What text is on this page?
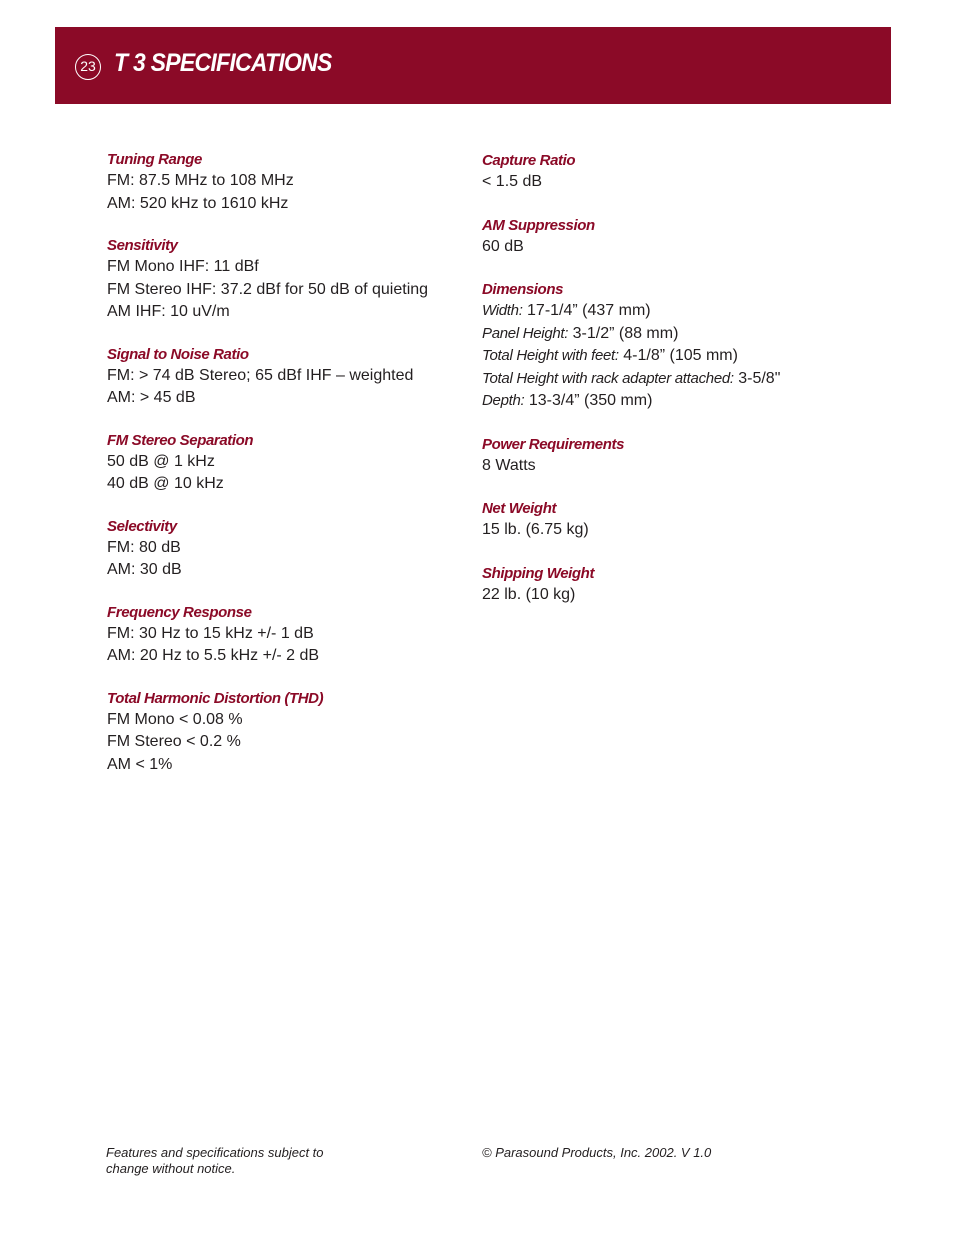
23 T 3 SPECIFICATIONS
Tuning Range
FM: 87.5 MHz to 108 MHz
AM: 520 kHz to 1610 kHz
Sensitivity
FM Mono IHF: 11 dBf
FM Stereo IHF: 37.2 dBf for 50 dB of quieting
AM IHF: 10 uV/m
Signal to Noise Ratio
FM: > 74 dB Stereo; 65 dBf IHF – weighted
AM: > 45 dB
FM Stereo Separation
50 dB @ 1 kHz
40 dB @ 10 kHz
Selectivity
FM: 80 dB
AM: 30 dB
Frequency Response
FM: 30 Hz to 15 kHz +/- 1 dB
AM: 20 Hz to 5.5 kHz +/- 2 dB
Total Harmonic Distortion (THD)
FM Mono < 0.08 %
FM Stereo < 0.2 %
AM < 1%
Capture Ratio
< 1.5 dB
AM Suppression
60 dB
Dimensions
Width: 17-1/4” (437 mm)
Panel Height: 3-1/2” (88 mm)
Total Height with feet: 4-1/8” (105 mm)
Total Height with rack adapter attached: 3-5/8"
Depth: 13-3/4” (350 mm)
Power Requirements
8 Watts
Net Weight
15 lb. (6.75 kg)
Shipping Weight
22 lb. (10 kg)
Features and specifications subject to
change without notice.
© Parasound Products, Inc. 2002. V 1.0
